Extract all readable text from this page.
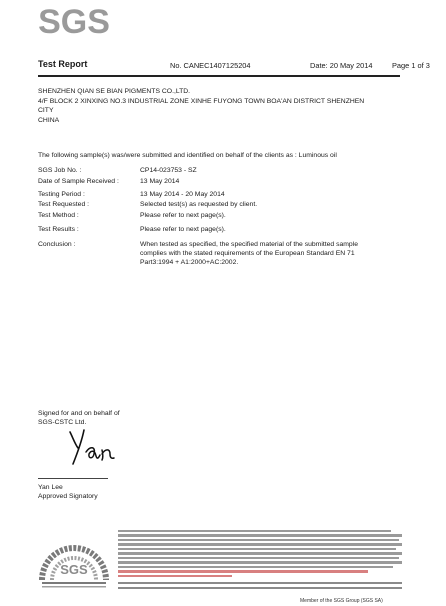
SGS
Test Report	No. CANEC1407125204	Date: 20 May 2014	Page 1 of 3
SHENZHEN QIAN SE BIAN PIGMENTS CO.,LTD.
4/F BLOCK 2 XINXING NO.3 INDUSTRIAL ZONE XINHE FUYONG TOWN BOA'AN DISTRICT SHENZHEN
CITY
CHINA
The following sample(s) was/were submitted and identified on behalf of the clients as : Luminous oil
SGS Job No. :	CP14-023753 - SZ
Date of Sample Received :	13 May 2014
Testing Period :	13 May 2014 - 20 May 2014
Test Requested :	Selected test(s) as requested by client.
Test Method :	Please refer to next page(s).
Test Results :	Please refer to next page(s).
Conclusion :	When tested as specified, the specified material of the submitted sample complies with the stated requirements of the European Standard EN 71 Part3:1994 + A1:2000+AC:2002.
Signed for and on behalf of
SGS-CSTC Ltd.
Yan Lee
Approved Signatory
SGS
Member of the SGS Group (SGS SA)
